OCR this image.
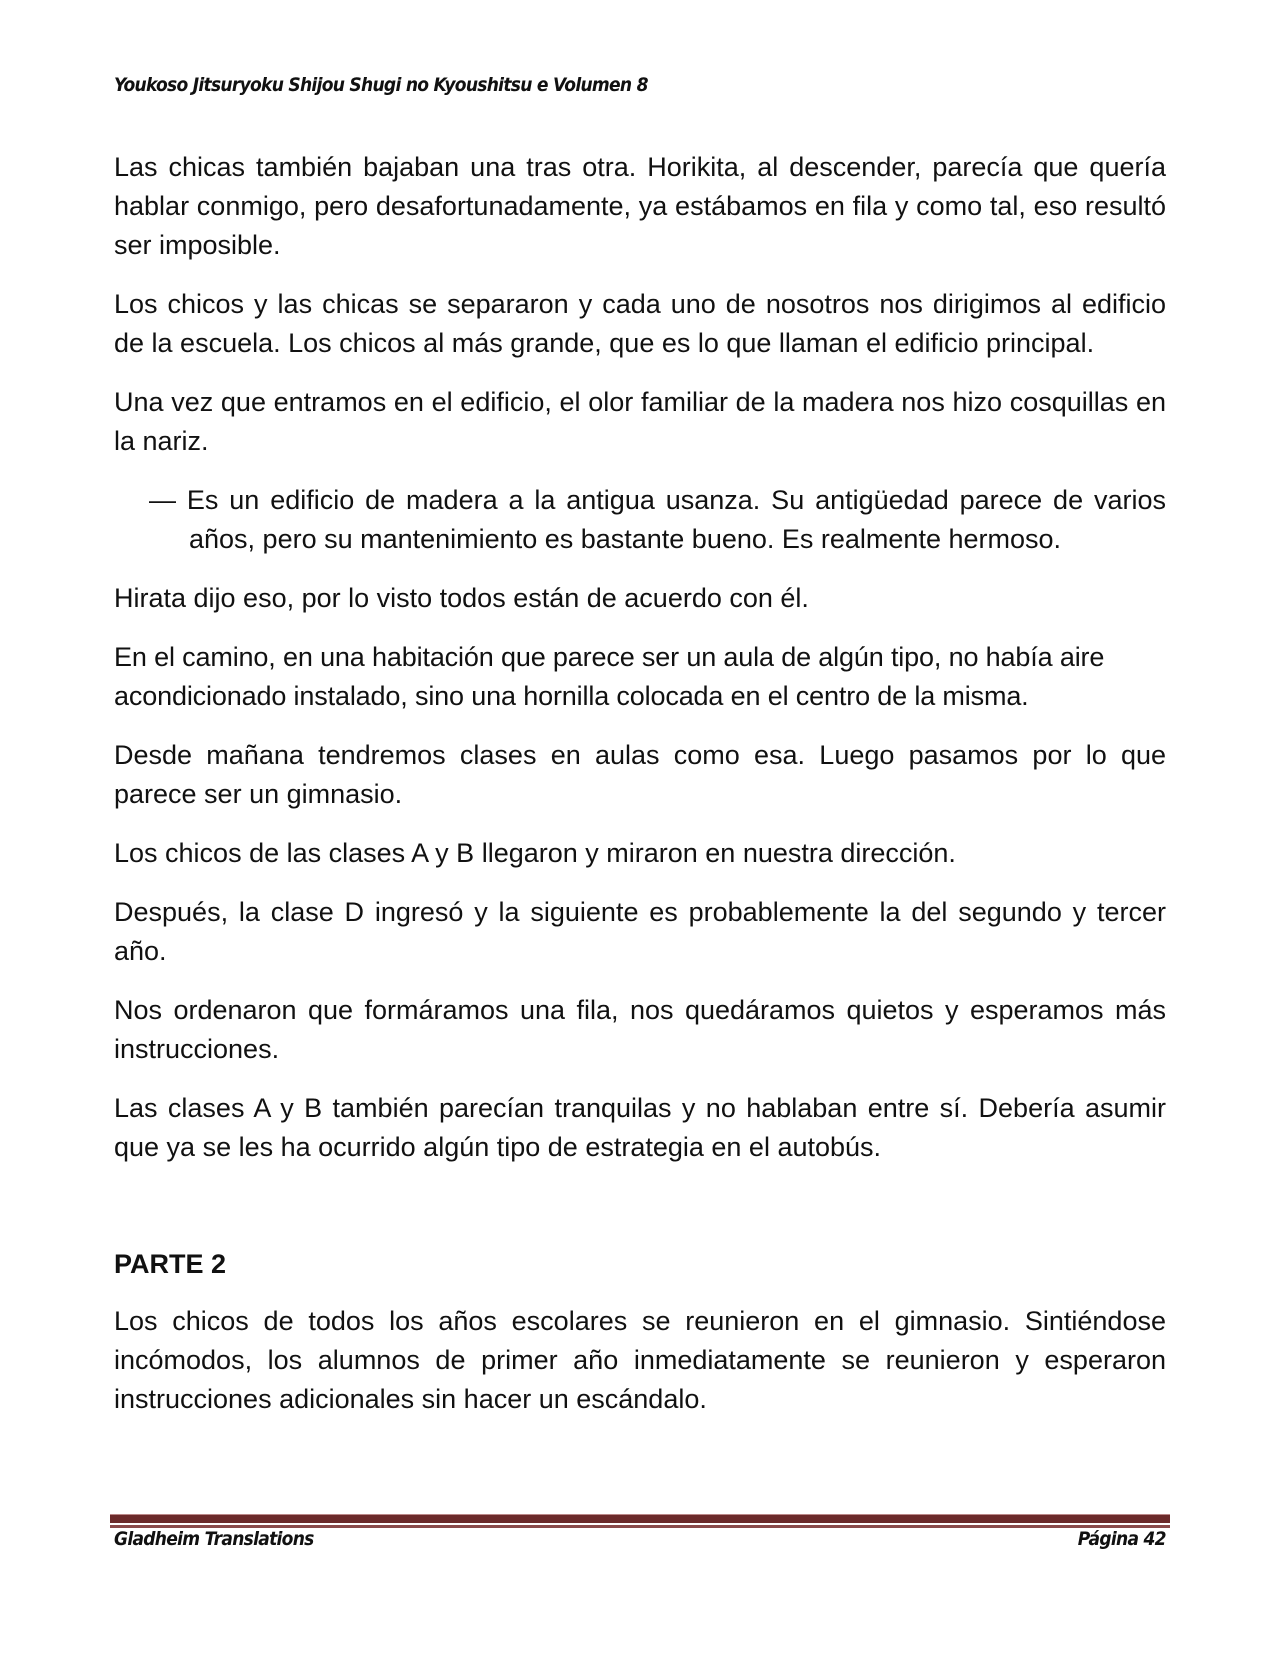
Youkoso Jitsuryoku Shijou Shugi no Kyoushitsu e Volumen 8

Las chicas también bajaban una tras otra. Horikita, al descender, parecía que quería hablar conmigo, pero desafortunadamente, ya estábamos en fila y como tal, eso resultó ser imposible.

Los chicos y las chicas se separaron y cada uno de nosotros nos dirigimos al edificio de la escuela. Los chicos al más grande, que es lo que llaman el edificio principal.

Una vez que entramos en el edificio, el olor familiar de la madera nos hizo cosquillas en la nariz.

— Es un edificio de madera a la antigua usanza. Su antigüedad parece de varios años, pero su mantenimiento es bastante bueno. Es realmente hermoso.

Hirata dijo eso, por lo visto todos están de acuerdo con él.

En el camino, en una habitación que parece ser un aula de algún tipo, no había aire acondicionado instalado, sino una hornilla colocada en el centro de la misma.

Desde mañana tendremos clases en aulas como esa. Luego pasamos por lo que parece ser un gimnasio.

Los chicos de las clases A y B llegaron y miraron en nuestra dirección.

Después, la clase D ingresó y la siguiente es probablemente la del segundo y tercer año.

Nos ordenaron que formáramos una fila, nos quedáramos quietos y esperamos más instrucciones.

Las clases A y B también parecían tranquilas y no hablaban entre sí. Debería asumir que ya se les ha ocurrido algún tipo de estrategia en el autobús.

PARTE 2

Los chicos de todos los años escolares se reunieron en el gimnasio. Sintiéndose incómodos, los alumnos de primer año inmediatamente se reunieron y esperaron instrucciones adicionales sin hacer un escándalo.

Gladheim Translations	Página 42
